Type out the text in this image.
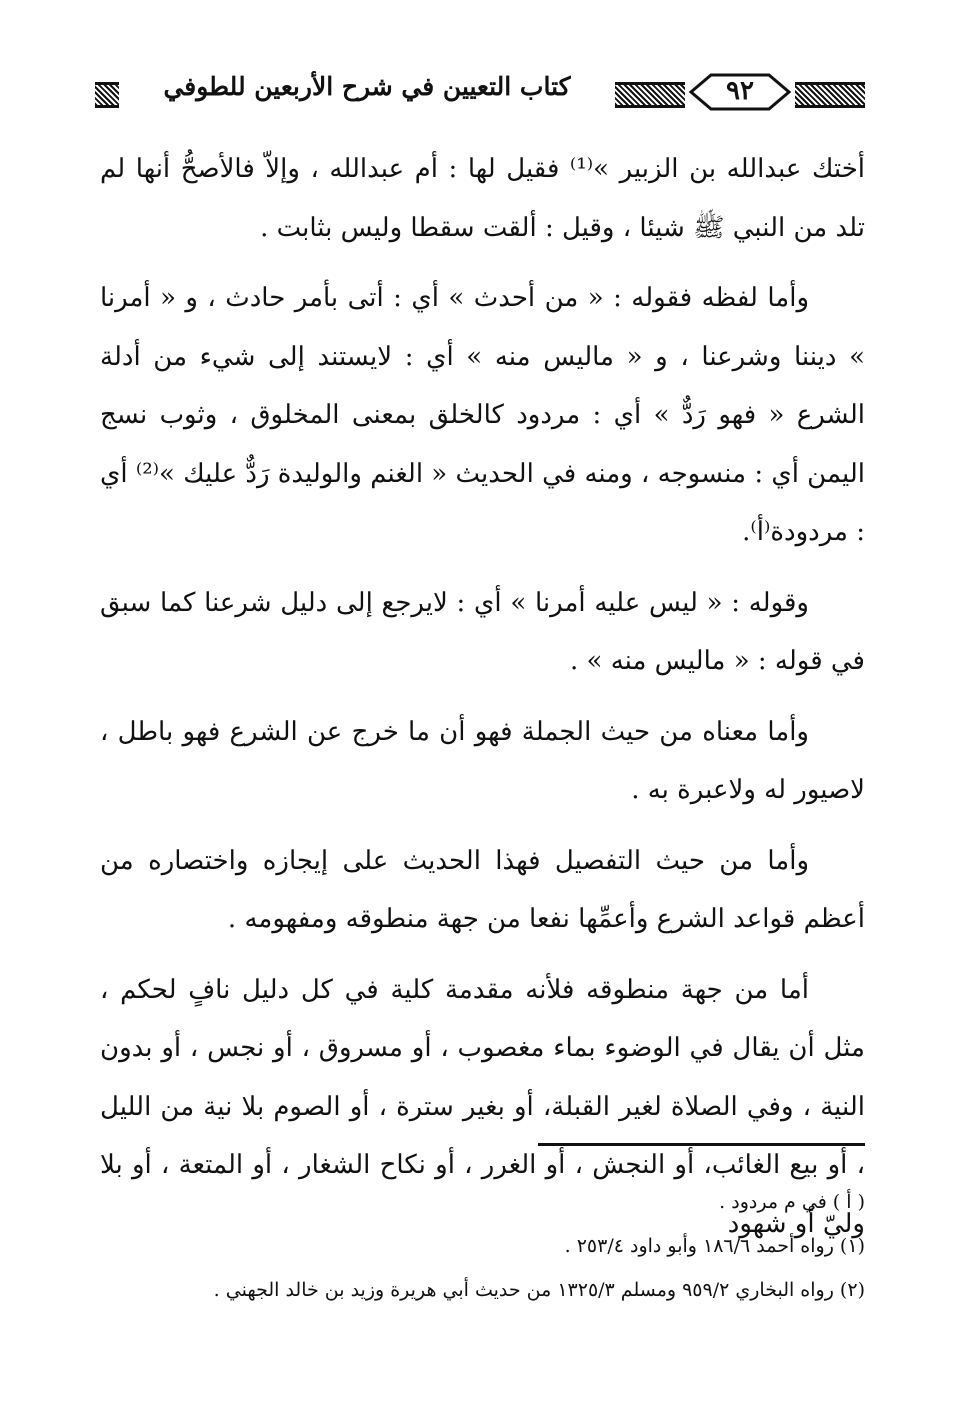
كتاب التعيين في شرح الأربعين للطوفي	٩٢

أختك عبدالله بن الزبير »⁽¹⁾ فقيل لها : أم عبدالله ، وإلاّ فالأصحُّ أنها لم تلد من النبي ﷺ شيئا ، وقيل : ألقت سقطا وليس بثابت .

وأما لفظه فقوله : « من أحدث » أي : أتى بأمر حادث ، و « أمرنا » ديننا وشرعنا ، و « ماليس منه » أي : لايستند إلى شيء من أدلة الشرع « فهو رَدٌّ » أي : مردود كالخلق بمعنى المخلوق ، وثوب نسج اليمن أي : منسوجه ، ومنه في الحديث « الغنم والوليدة رَدٌّ عليك »⁽²⁾ أي : مردودة⁽أ⁾.

وقوله : « ليس عليه أمرنا » أي : لايرجع إلى دليل شرعنا كما سبق في قوله : « ماليس منه » .

وأما معناه من حيث الجملة فهو أن ما خرج عن الشرع فهو باطل ، لاصيور له ولاعبرة به .

وأما من حيث التفصيل فهذا الحديث على إيجازه واختصاره من أعظم قواعد الشرع وأعمِّها نفعا من جهة منطوقه ومفهومه .

أما من جهة منطوقه فلأنه مقدمة كلية في كل دليل نافٍ لحكم ، مثل أن يقال في الوضوء بماء مغصوب ، أو مسروق ، أو نجس ، أو بدون النية ، وفي الصلاة لغير القبلة، أو بغير سترة ، أو الصوم بلا نية من الليل ، أو بيع الغائب، أو النجش ، أو الغرر ، أو نكاح الشغار ، أو المتعة ، أو بلا وليّ أو شهود

( أ ) في م مردود .
(١) رواه أحمد ١٨٦/٦ وأبو داود ٢٥٣/٤ .
(٢) رواه البخاري ٩٥٩/٢ ومسلم ١٣٢٥/٣ من حديث أبي هريرة وزيد بن خالد الجهني .
